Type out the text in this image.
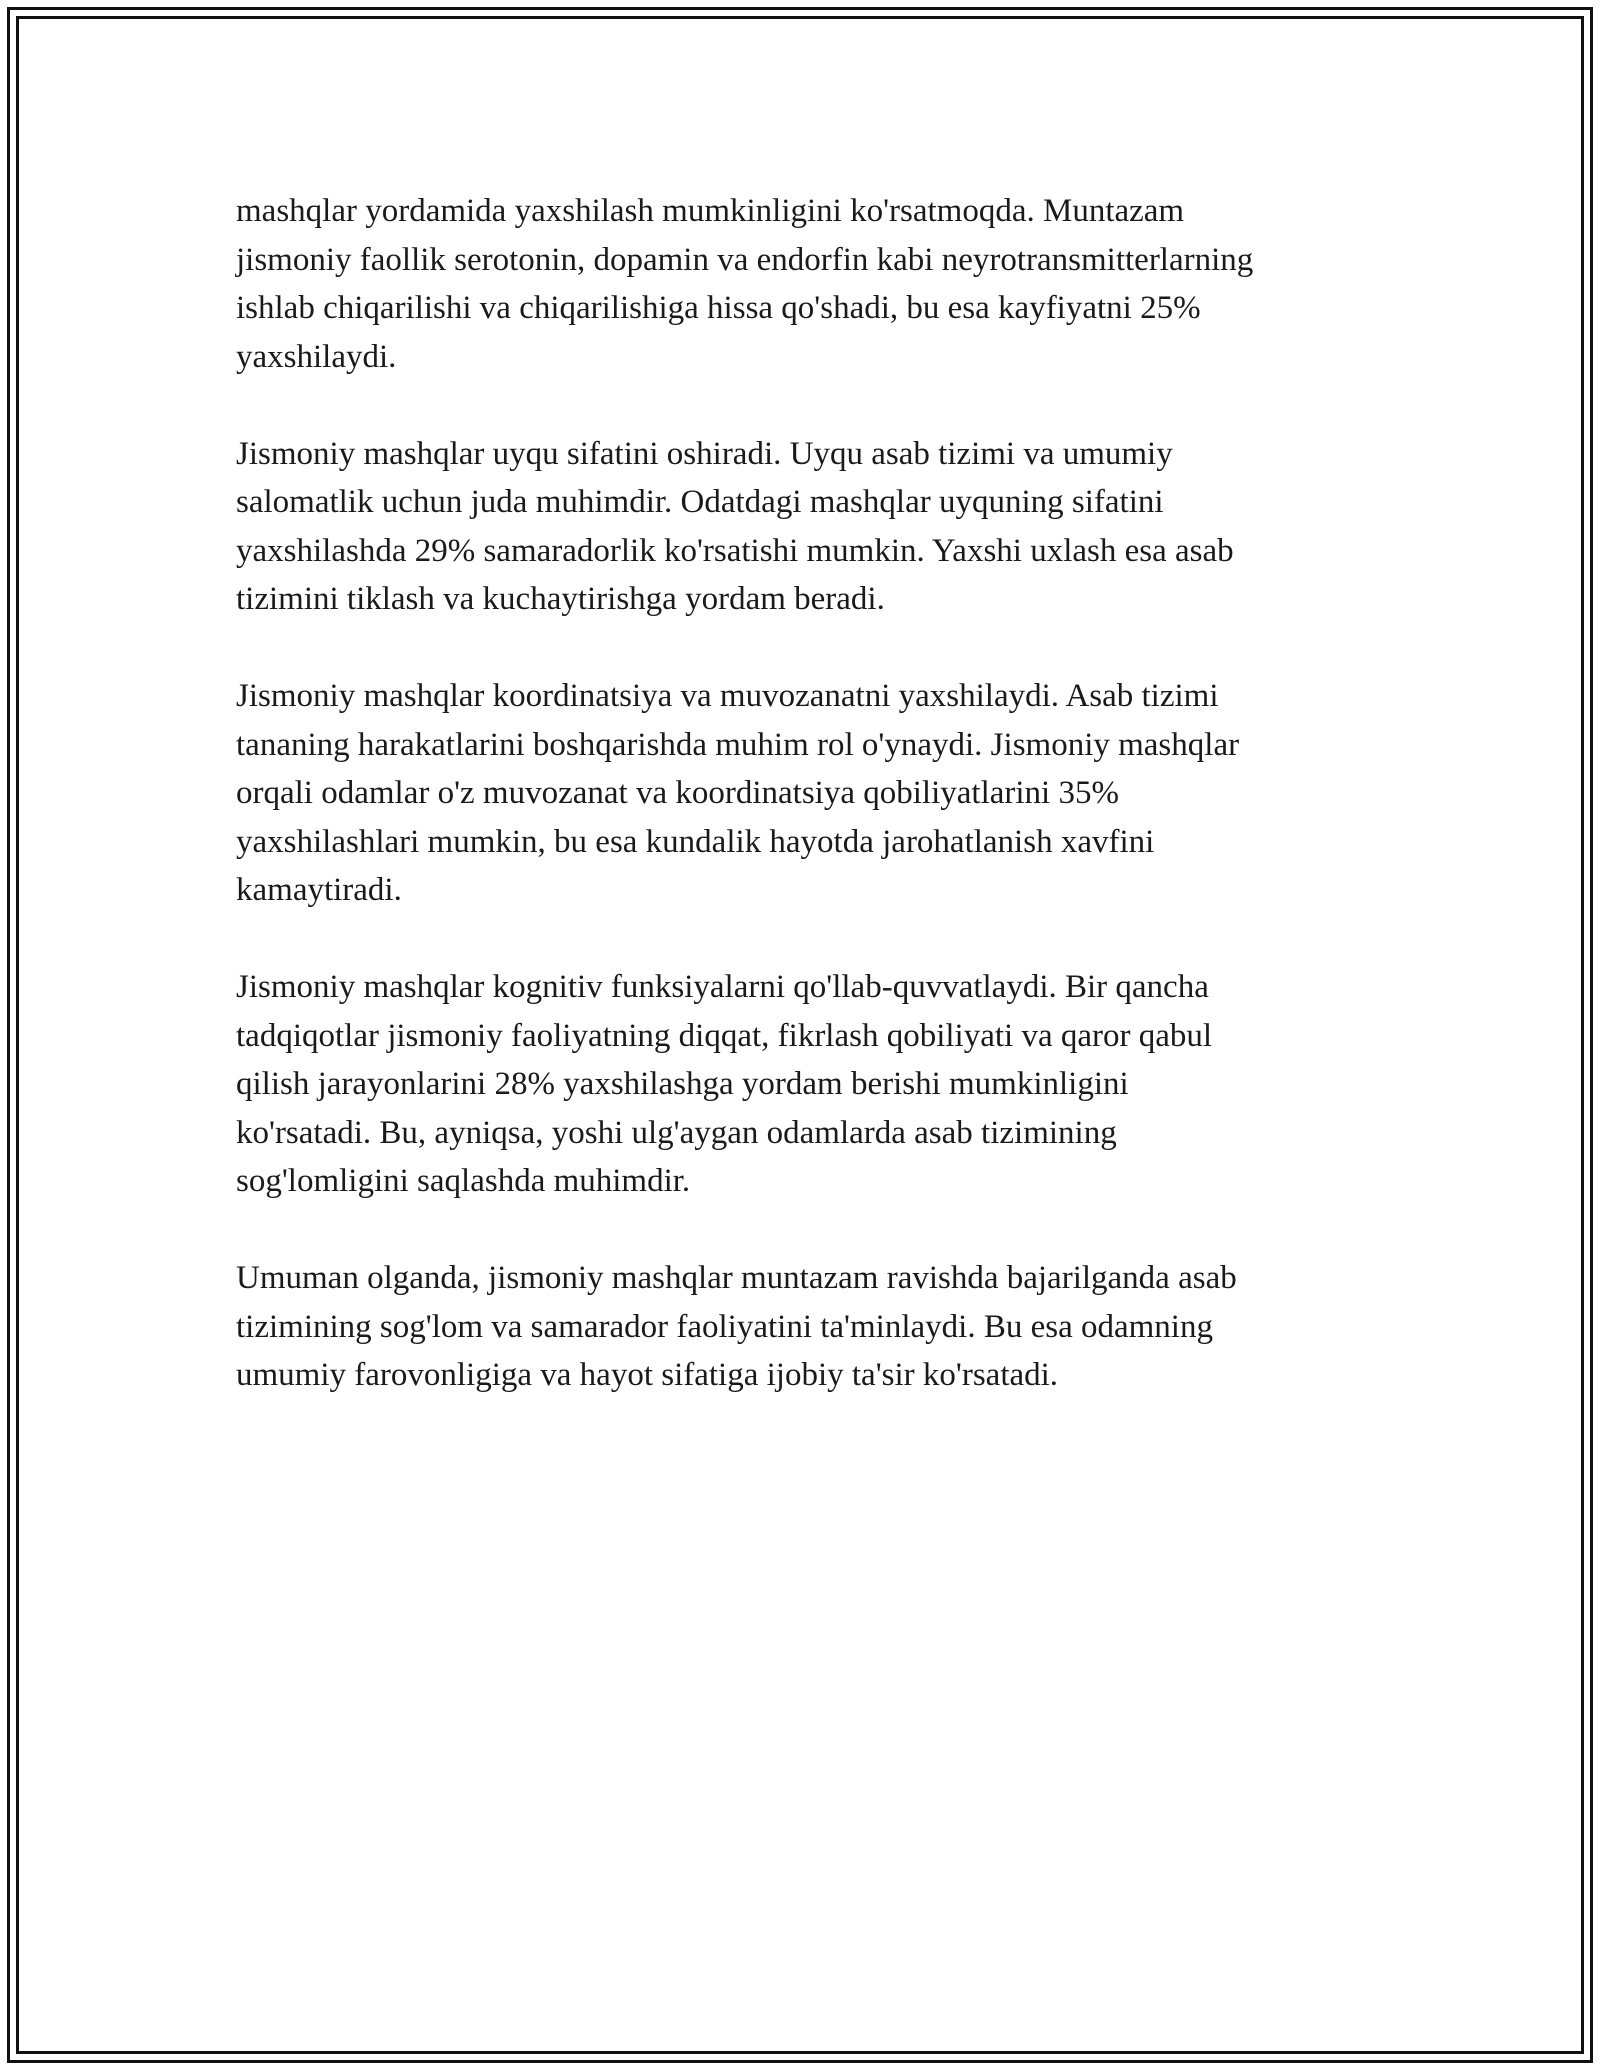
mashqlar yordamida yaxshilash mumkinligini ko'rsatmoqda. Muntazam
jismoniy faollik serotonin, dopamin va endorfin kabi neyrotransmitterlarning
ishlab chiqarilishi va chiqarilishiga hissa qo'shadi, bu esa kayfiyatni 25%
yaxshilaydi.

Jismoniy mashqlar uyqu sifatini oshiradi. Uyqu asab tizimi va umumiy
salomatlik uchun juda muhimdir. Odatdagi mashqlar uyquning sifatini
yaxshilashda 29% samaradorlik ko'rsatishi mumkin. Yaxshi uxlash esa asab
tizimini tiklash va kuchaytirishga yordam beradi.

Jismoniy mashqlar koordinatsiya va muvozanatni yaxshilaydi. Asab tizimi
tananing harakatlarini boshqarishda muhim rol o'ynaydi. Jismoniy mashqlar
orqali odamlar o'z muvozanat va koordinatsiya qobiliyatlarini 35%
yaxshilashlari mumkin, bu esa kundalik hayotda jarohatlanish xavfini
kamaytiradi.

Jismoniy mashqlar kognitiv funksiyalarni qo'llab-quvvatlaydi. Bir qancha
tadqiqotlar jismoniy faoliyatning diqqat, fikrlash qobiliyati va qaror qabul
qilish jarayonlarini 28% yaxshilashga yordam berishi mumkinligini
ko'rsatadi. Bu, ayniqsa, yoshi ulg'aygan odamlarda asab tizimining
sog'lomligini saqlashda muhimdir.

Umuman olganda, jismoniy mashqlar muntazam ravishda bajarilganda asab
tizimining sog'lom va samarador faoliyatini ta'minlaydi. Bu esa odamning
umumiy farovonligiga va hayot sifatiga ijobiy ta'sir ko'rsatadi.
